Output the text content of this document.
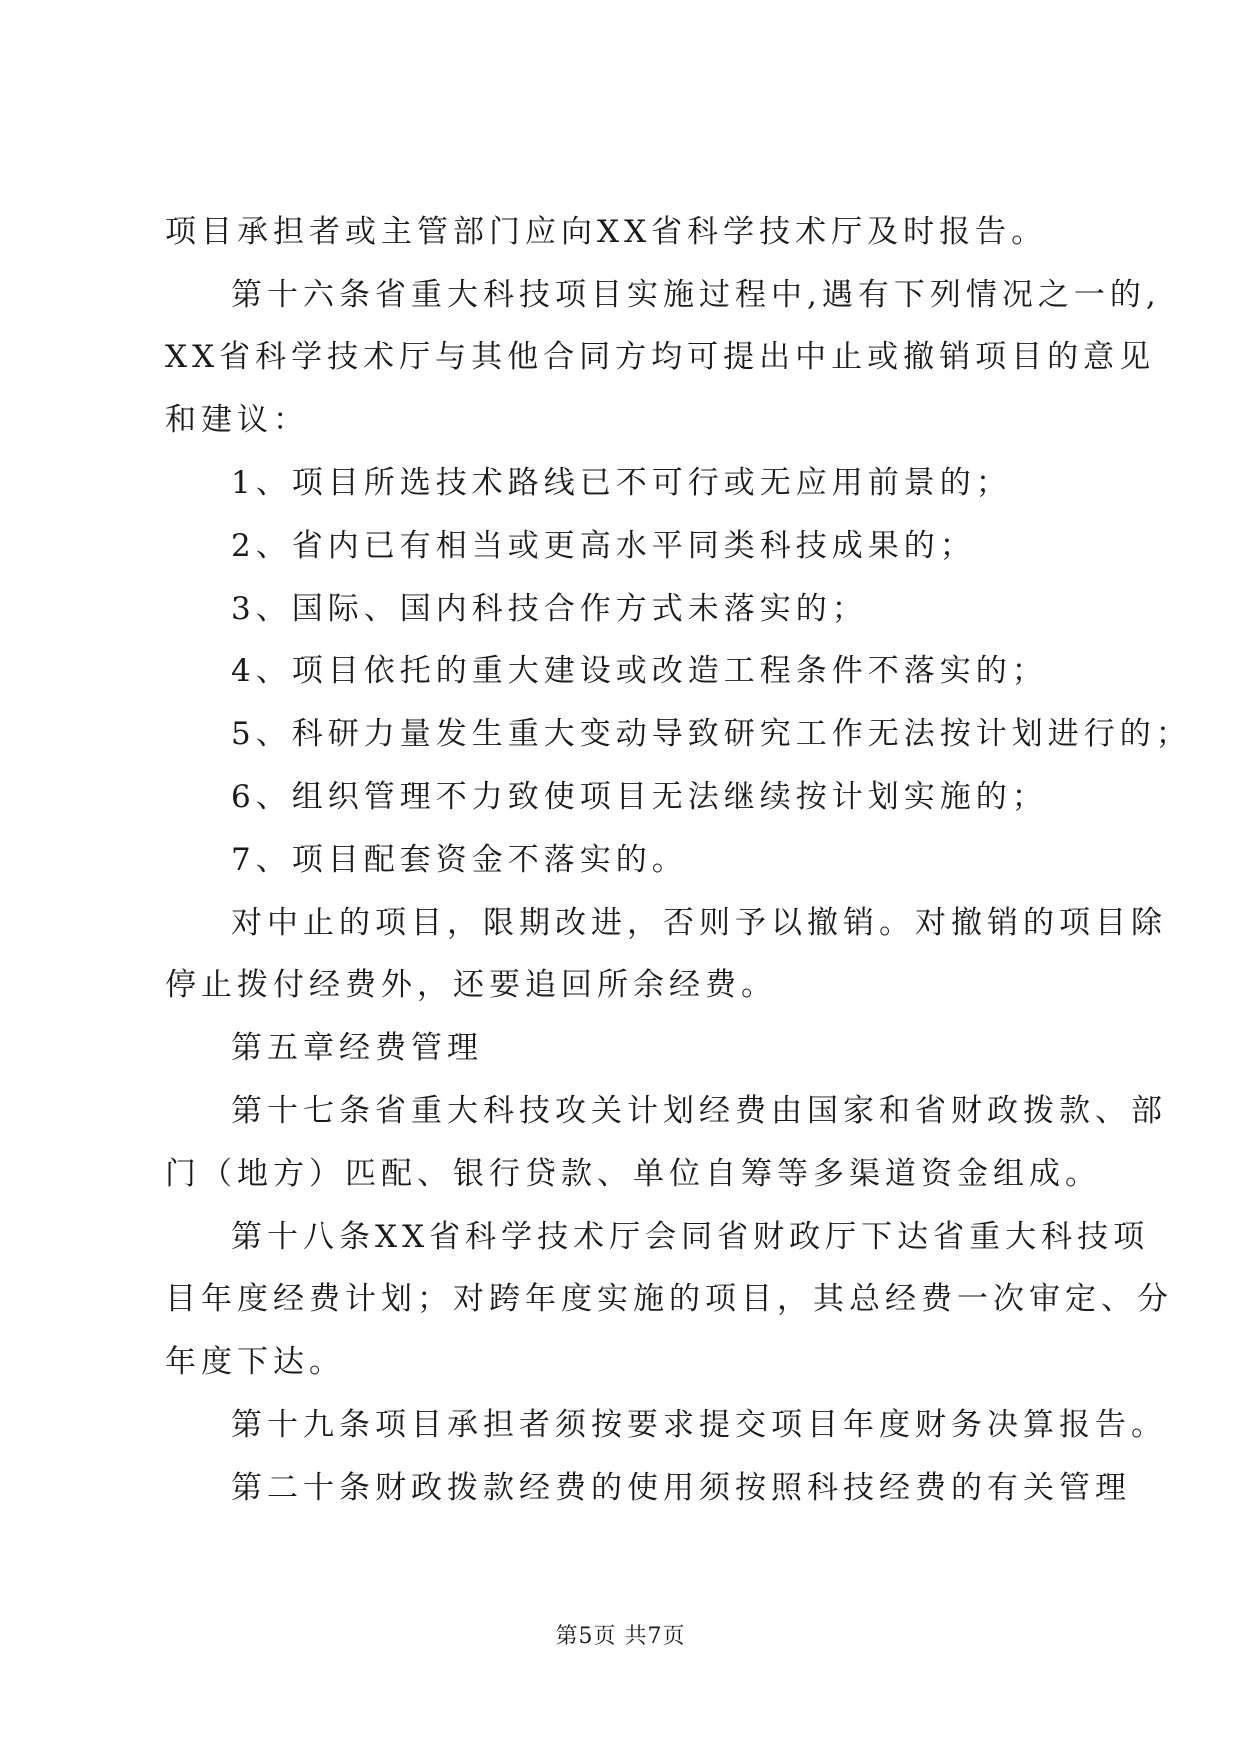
项目承担者或主管部门应向XX省科学技术厅及时报告。
第十六条省重大科技项目实施过程中,遇有下列情况之一的,
XX省科学技术厅与其他合同方均可提出中止或撤销项目的意见
和建议：
1、项目所选技术路线已不可行或无应用前景的；
2、省内已有相当或更高水平同类科技成果的；
3、国际、国内科技合作方式未落实的；
4、项目依托的重大建设或改造工程条件不落实的；
5、科研力量发生重大变动导致研究工作无法按计划进行的；
6、组织管理不力致使项目无法继续按计划实施的；
7、项目配套资金不落实的。
对中止的项目，限期改进，否则予以撤销。对撤销的项目除
停止拨付经费外，还要追回所余经费。
第五章经费管理
第十七条省重大科技攻关计划经费由国家和省财政拨款、部
门（地方）匹配、银行贷款、单位自筹等多渠道资金组成。
第十八条XX省科学技术厅会同省财政厅下达省重大科技项
目年度经费计划；对跨年度实施的项目，其总经费一次审定、分
年度下达。
第十九条项目承担者须按要求提交项目年度财务决算报告。
第二十条财政拨款经费的使用须按照科技经费的有关管理
第5页 共7页
